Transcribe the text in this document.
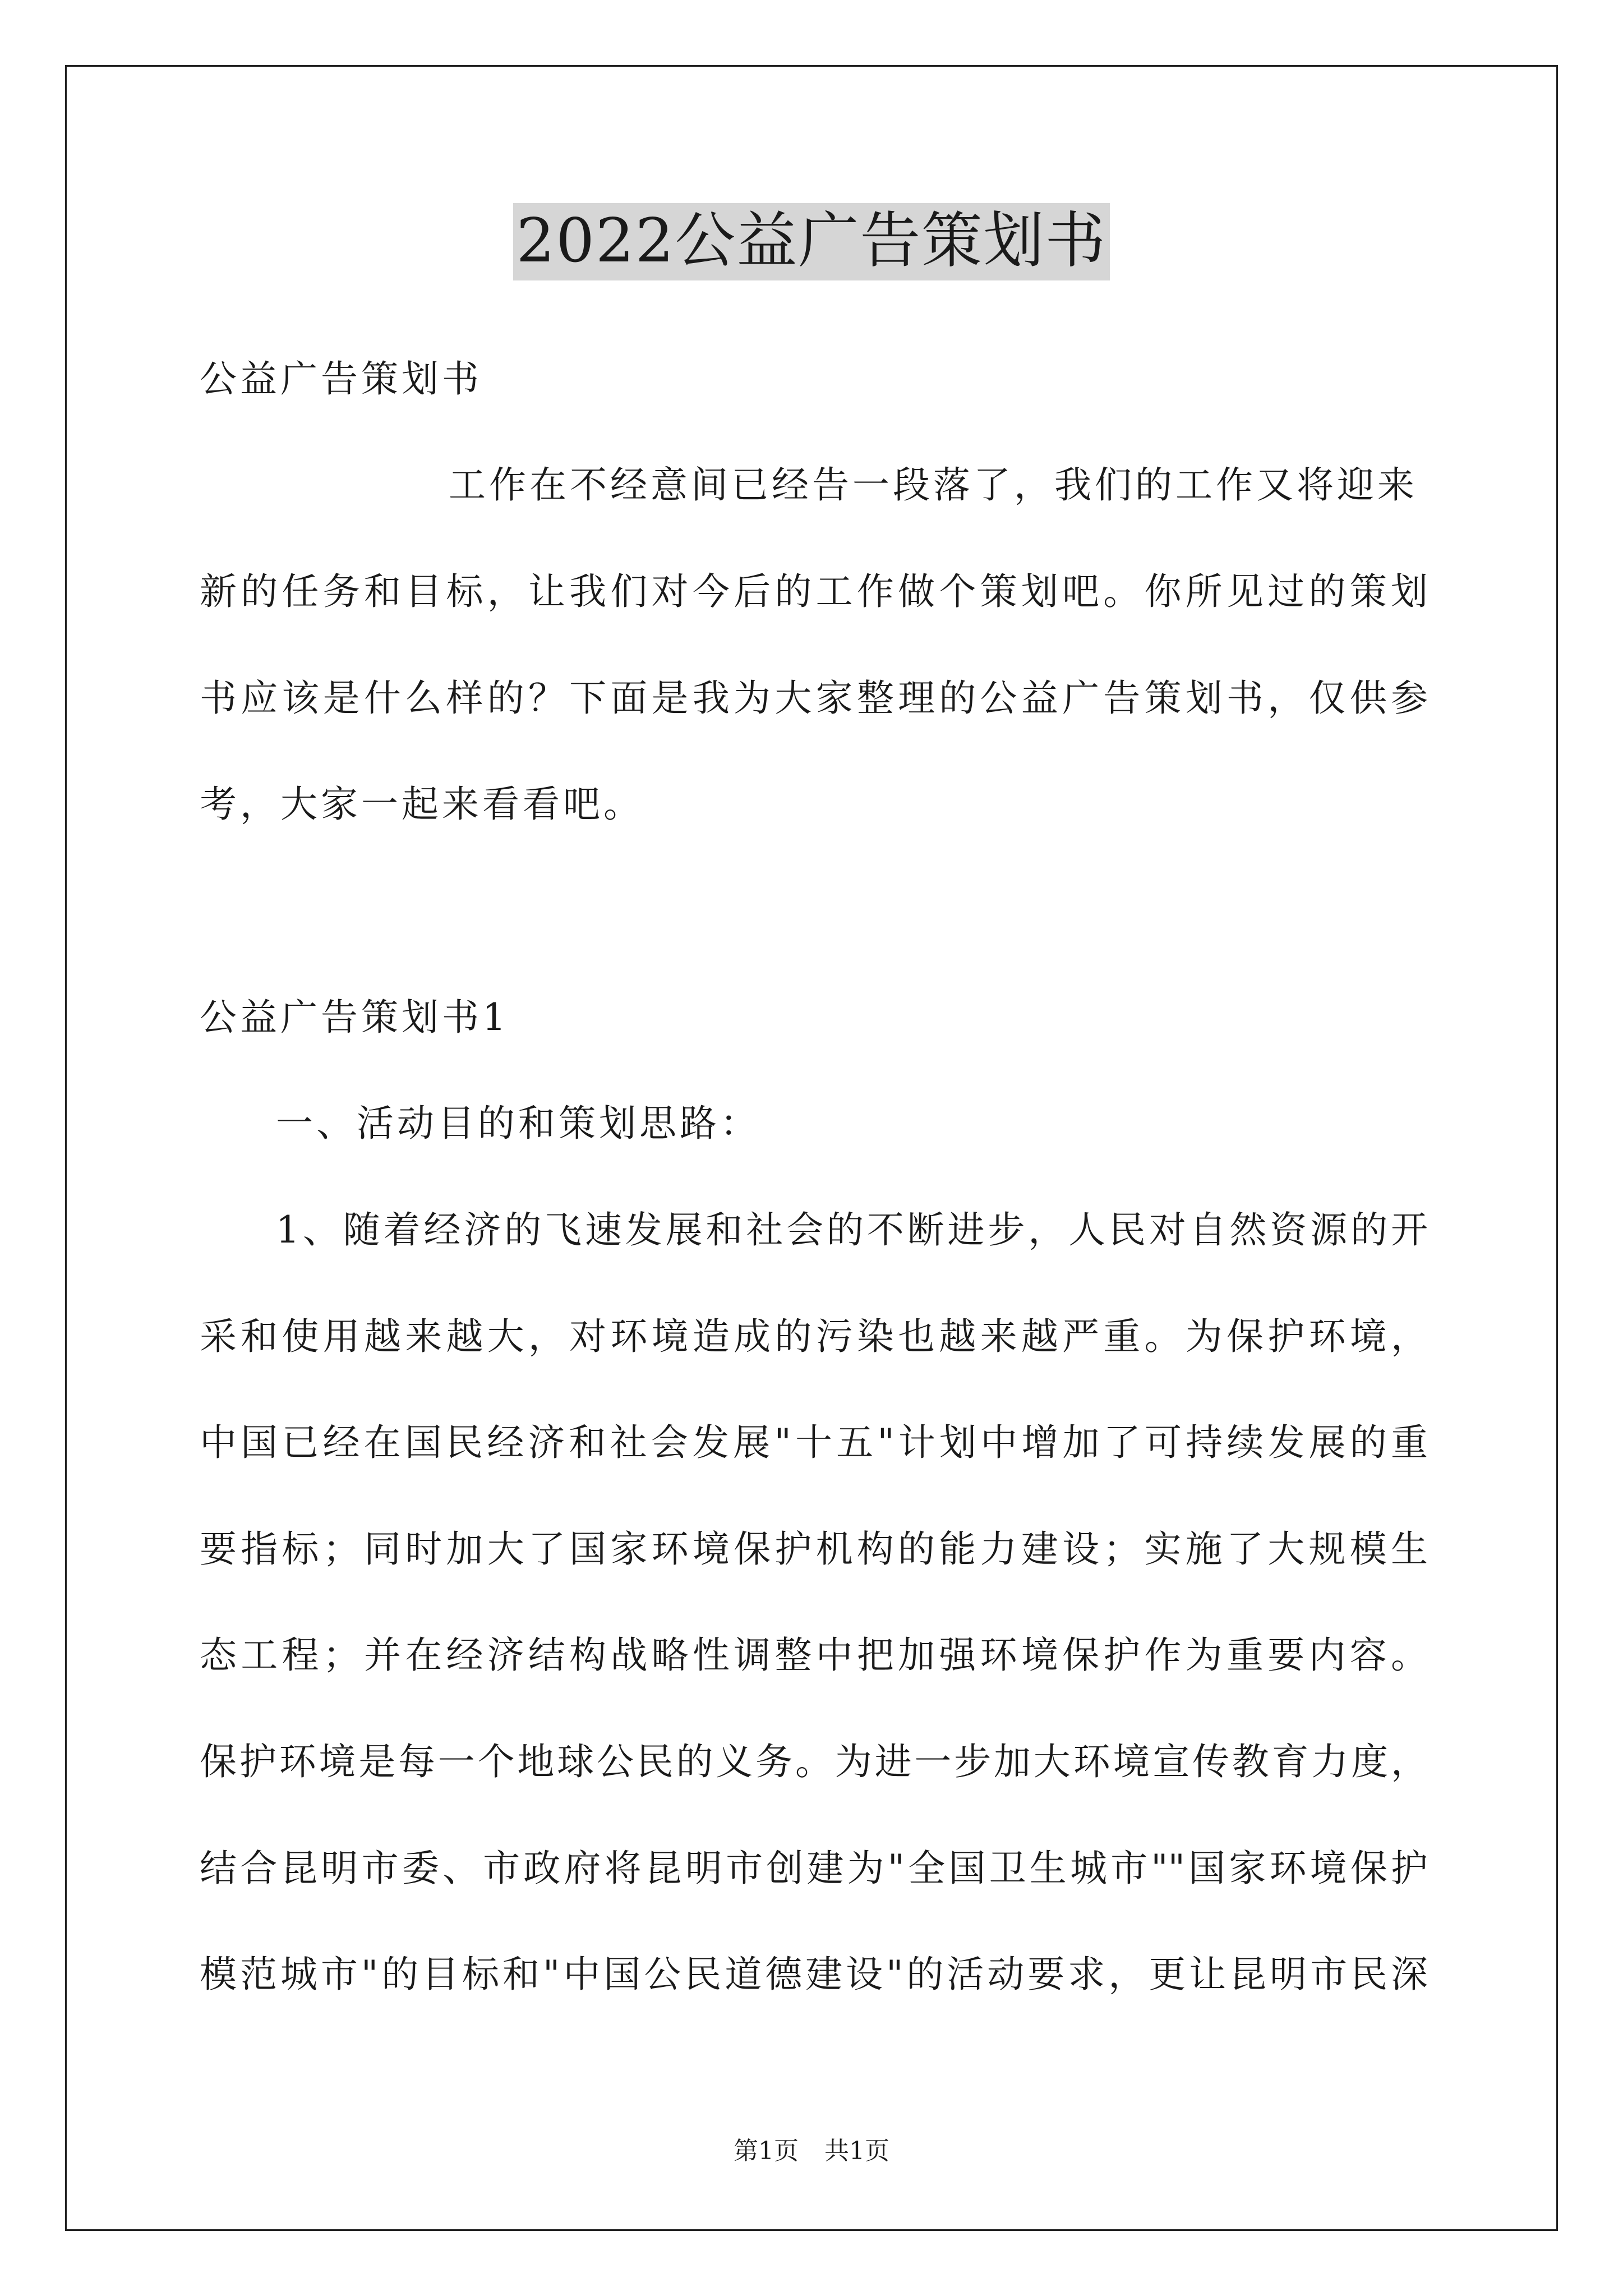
2022公益广告策划书
公益广告策划书
工作在不经意间已经告一段落了，我们的工作又将迎来
新的任务和目标，让我们对今后的工作做个策划吧。你所见过的策划
书应该是什么样的？下面是我为大家整理的公益广告策划书，仅供参
考，大家一起来看看吧。
公益广告策划书1
一、活动目的和策划思路：
1、随着经济的飞速发展和社会的不断进步，人民对自然资源的开
采和使用越来越大，对环境造成的污染也越来越严重。为保护环境，
中国已经在国民经济和社会发展"十五"计划中增加了可持续发展的重
要指标；同时加大了国家环境保护机构的能力建设；实施了大规模生
态工程；并在经济结构战略性调整中把加强环境保护作为重要内容。
保护环境是每一个地球公民的义务。为进一步加大环境宣传教育力度，
结合昆明市委、市政府将昆明市创建为"全国卫生城市""国家环境保护
模范城市"的目标和"中国公民道德建设"的活动要求，更让昆明市民深
第1页 共1页
